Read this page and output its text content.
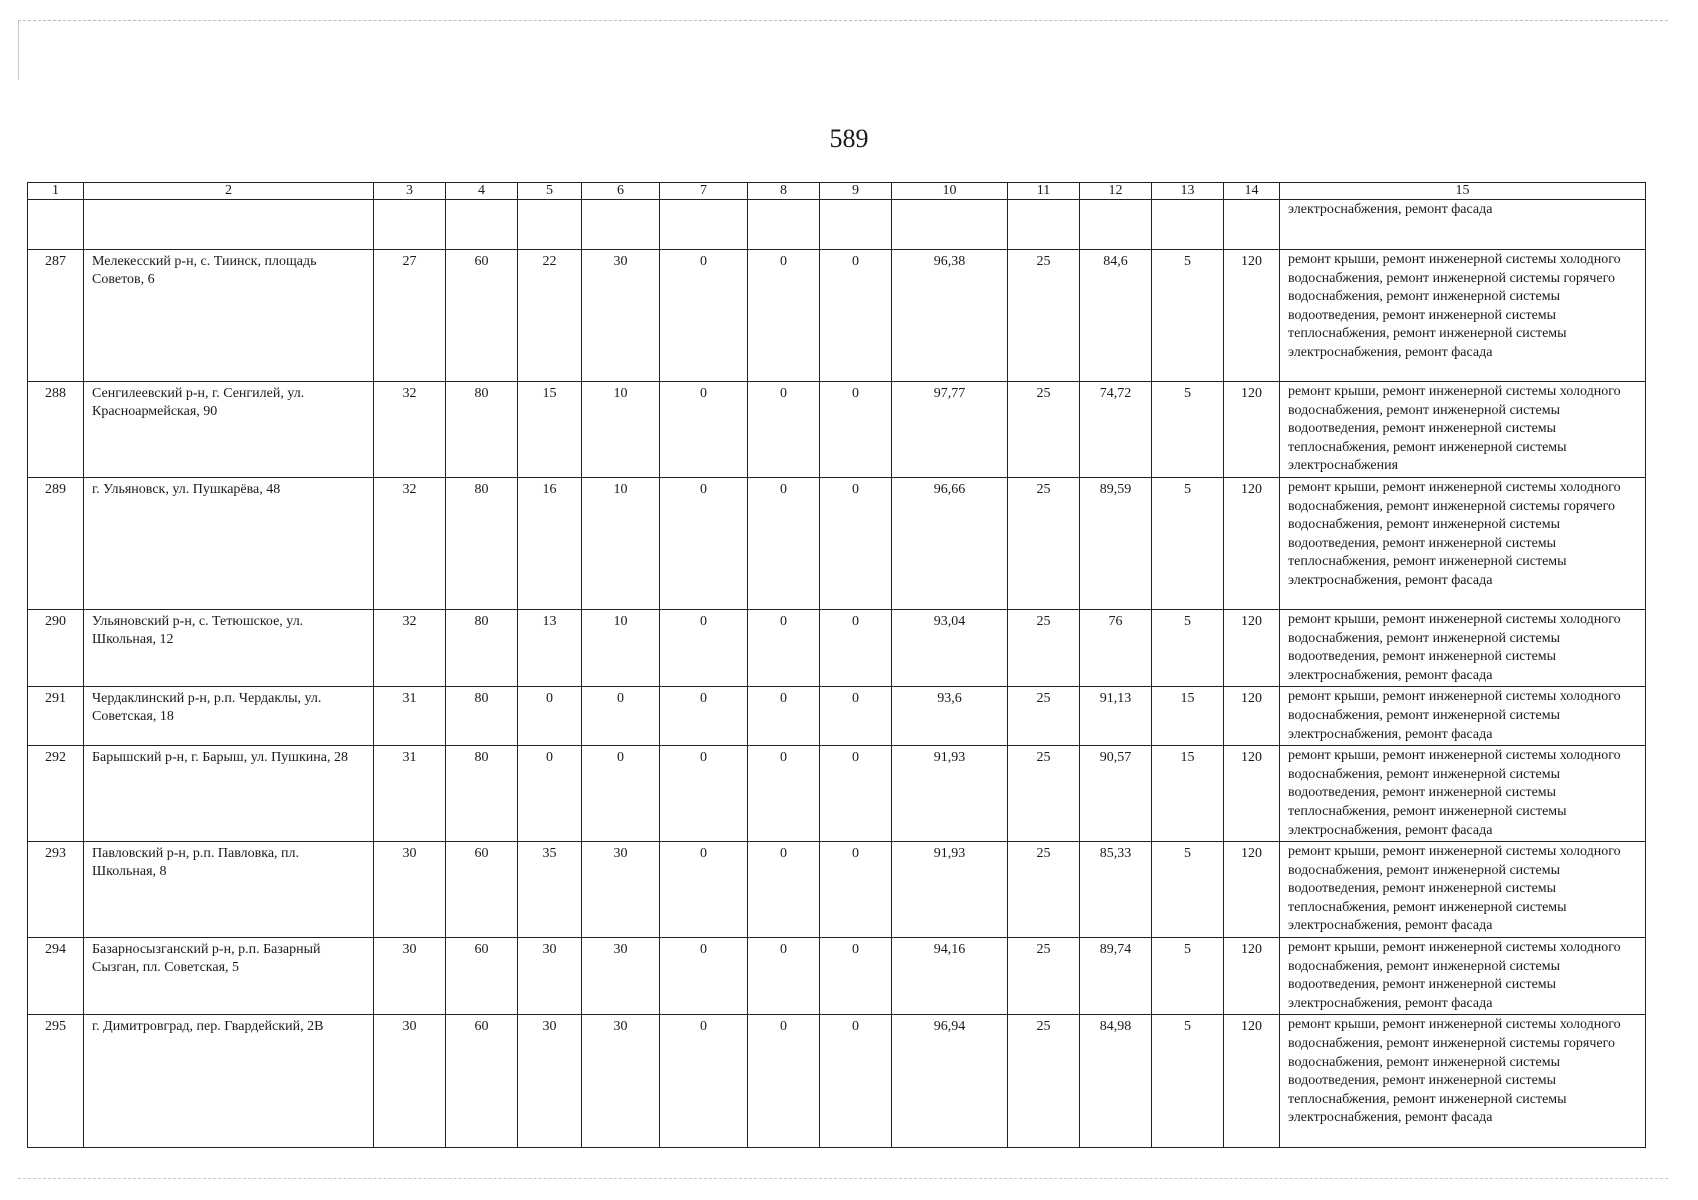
589
1	2	3	4	5	6	7	8	9	10	11	12	13	14	15
														электроснабжения, ремонт фасада
287	Мелекесский р-н, с. Тиинск, площадь Советов, 6	27	60	22	30	0	0	0	96,38	25	84,6	5	120	ремонт крыши, ремонт инженерной системы холодного водоснабжения, ремонт инженерной системы горячего водоснабжения, ремонт инженерной системы водоотведения, ремонт инженерной системы теплоснабжения, ремонт инженерной системы электроснабжения, ремонт фасада
288	Сенгилеевский р-н, г. Сенгилей, ул. Красноармейская, 90	32	80	15	10	0	0	0	97,77	25	74,72	5	120	ремонт крыши, ремонт инженерной системы холодного водоснабжения, ремонт инженерной системы водоотведения, ремонт инженерной системы теплоснабжения, ремонт инженерной системы электроснабжения
289	г. Ульяновск, ул. Пушкарёва, 48	32	80	16	10	0	0	0	96,66	25	89,59	5	120	ремонт крыши, ремонт инженерной системы холодного водоснабжения, ремонт инженерной системы горячего водоснабжения, ремонт инженерной системы водоотведения, ремонт инженерной системы теплоснабжения, ремонт инженерной системы электроснабжения, ремонт фасада
290	Ульяновский р-н, с. Тетюшское, ул. Школьная, 12	32	80	13	10	0	0	0	93,04	25	76	5	120	ремонт крыши, ремонт инженерной системы холодного водоснабжения, ремонт инженерной системы водоотведения, ремонт инженерной системы электроснабжения, ремонт фасада
291	Чердаклинский р-н, р.п. Чердаклы, ул. Советская, 18	31	80	0	0	0	0	0	93,6	25	91,13	15	120	ремонт крыши, ремонт инженерной системы холодного водоснабжения, ремонт инженерной системы электроснабжения, ремонт фасада
292	Барышский р-н, г. Барыш, ул. Пушкина, 28	31	80	0	0	0	0	0	91,93	25	90,57	15	120	ремонт крыши, ремонт инженерной системы холодного водоснабжения, ремонт инженерной системы водоотведения, ремонт инженерной системы теплоснабжения, ремонт инженерной системы электроснабжения, ремонт фасада
293	Павловский р-н, р.п. Павловка, пл. Школьная, 8	30	60	35	30	0	0	0	91,93	25	85,33	5	120	ремонт крыши, ремонт инженерной системы холодного водоснабжения, ремонт инженерной системы водоотведения, ремонт инженерной системы теплоснабжения, ремонт инженерной системы электроснабжения, ремонт фасада
294	Базарносызганский р-н, р.п. Базарный Сызган, пл. Советская, 5	30	60	30	30	0	0	0	94,16	25	89,74	5	120	ремонт крыши, ремонт инженерной системы холодного водоснабжения, ремонт инженерной системы водоотведения, ремонт инженерной системы электроснабжения, ремонт фасада
295	г. Димитровград, пер. Гвардейский, 2В	30	60	30	30	0	0	0	96,94	25	84,98	5	120	ремонт крыши, ремонт инженерной системы холодного водоснабжения, ремонт инженерной системы горячего водоснабжения, ремонт инженерной системы водоотведения, ремонт инженерной системы теплоснабжения, ремонт инженерной системы электроснабжения, ремонт фасада
